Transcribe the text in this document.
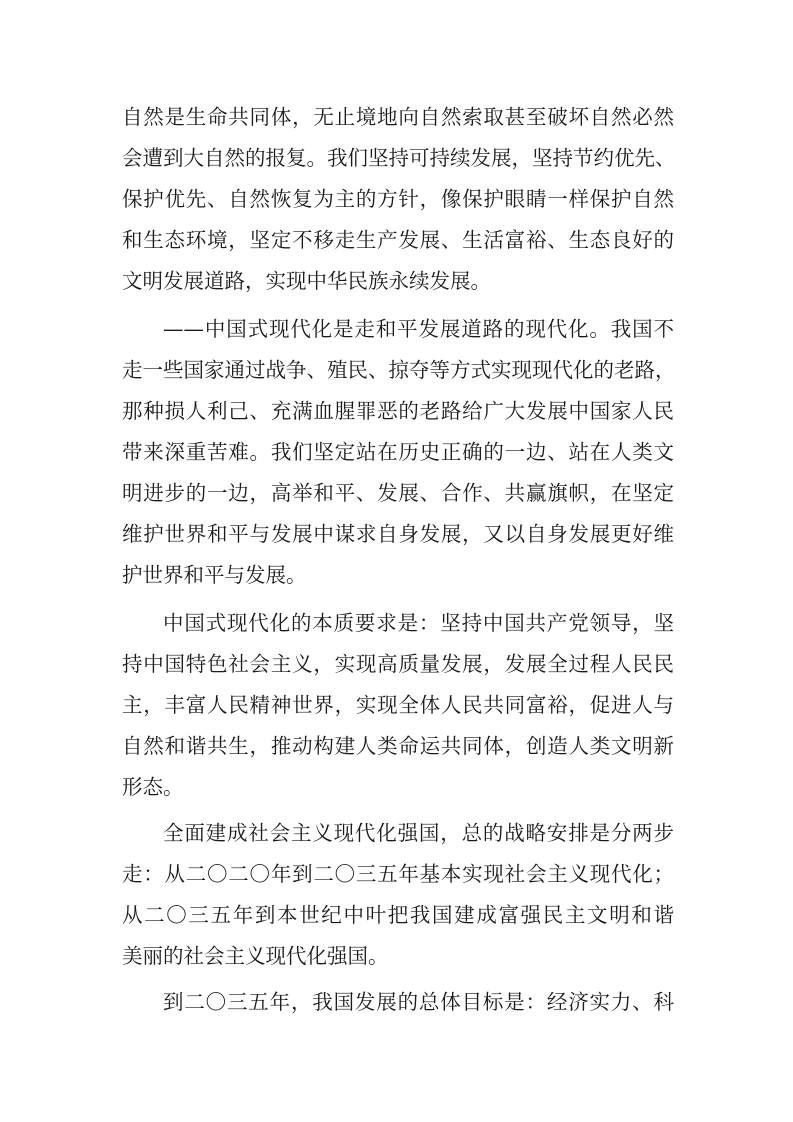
自然是生命共同体，无止境地向自然索取甚至破坏自然必然
会遭到大自然的报复。我们坚持可持续发展，坚持节约优先、
保护优先、自然恢复为主的方针，像保护眼睛一样保护自然
和生态环境，坚定不移走生产发展、生活富裕、生态良好的
文明发展道路，实现中华民族永续发展。
——中国式现代化是走和平发展道路的现代化。我国不
走一些国家通过战争、殖民、掠夺等方式实现现代化的老路，
那种损人利己、充满血腥罪恶的老路给广大发展中国家人民
带来深重苦难。我们坚定站在历史正确的一边、站在人类文
明进步的一边，高举和平、发展、合作、共赢旗帜，在坚定
维护世界和平与发展中谋求自身发展，又以自身发展更好维
护世界和平与发展。
中国式现代化的本质要求是：坚持中国共产党领导，坚
持中国特色社会主义，实现高质量发展，发展全过程人民民
主，丰富人民精神世界，实现全体人民共同富裕，促进人与
自然和谐共生，推动构建人类命运共同体，创造人类文明新
形态。
全面建成社会主义现代化强国，总的战略安排是分两步
走：从二〇二〇年到二〇三五年基本实现社会主义现代化；
从二〇三五年到本世纪中叶把我国建成富强民主文明和谐
美丽的社会主义现代化强国。
到二〇三五年，我国发展的总体目标是：经济实力、科
